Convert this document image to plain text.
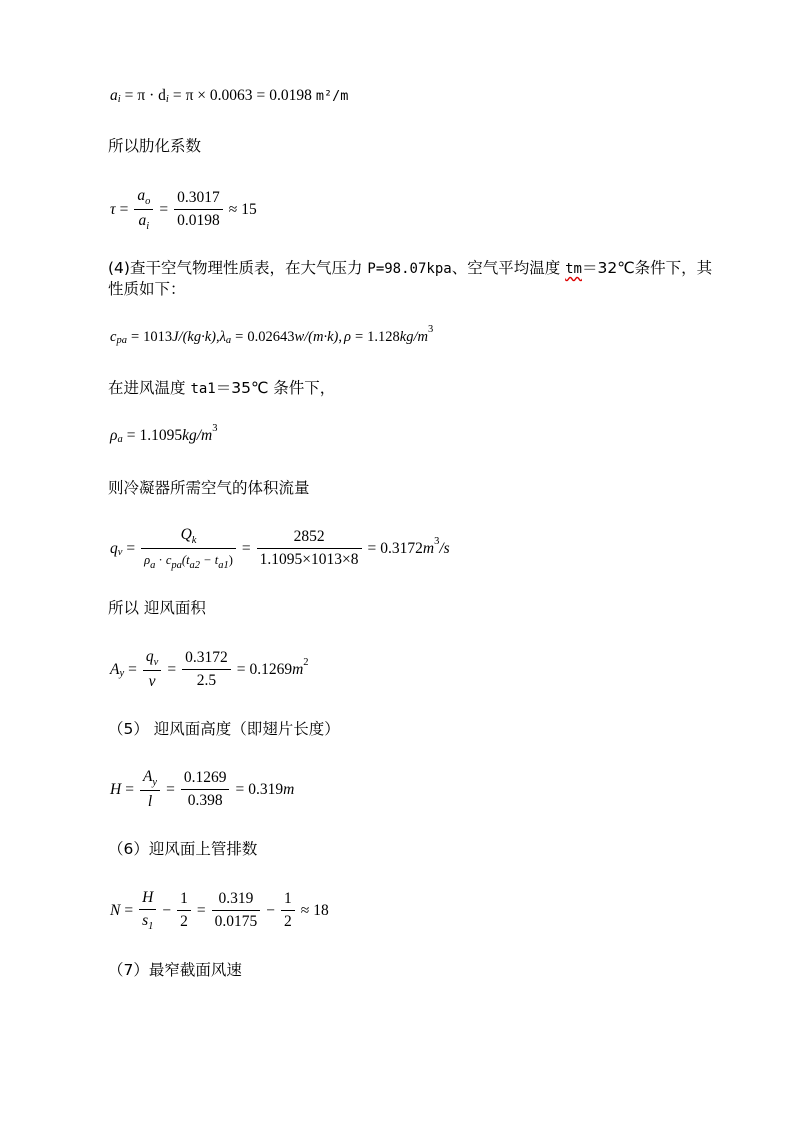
a i = π · d i = π × 0.0063 = 0.0198 m²/m
所以肋化系数
$\tau = \frac{a_o}{a_i} = \frac{0.3017}{0.0198} \approx 15$
(4)查干空气物理性质表，在大气压力 P=98.07kpa、空气平均温度 tm＝32℃条件下，其
性质如下：
c pa = 1013 J/(kg·k) , λ a = 0.02643 w/(m·k) , ρ = 1.128 kg/m 3
在进风温度 ta1＝35℃ 条件下，
ρ a = 1.1095 kg/m 3
则冷凝器所需空气的体积流量
q $v = \frac{Q_k}{\rho_a \cdot c_{pa}(t_{a2} - t_{a1})} = \frac{2852}{1.1095\times 1013\times 8} = 0.3172$ m 3 /s
所以 迎风面积
A $y = \frac{q_v}{v} = \frac{0.3172}{2.5} = 0.1269$ m 2
（5） 迎风面高度（即翅片长度）
$H = \frac{A_y}{l} = \frac{0.1269}{0.398} = 0.319$ m
（6）迎风面上管排数
$N = \frac{H}{s_1} - \frac{1}{2} = \frac{0.319}{0.0175} - \frac{1}{2} \approx 18$
（7）最窄截面风速
